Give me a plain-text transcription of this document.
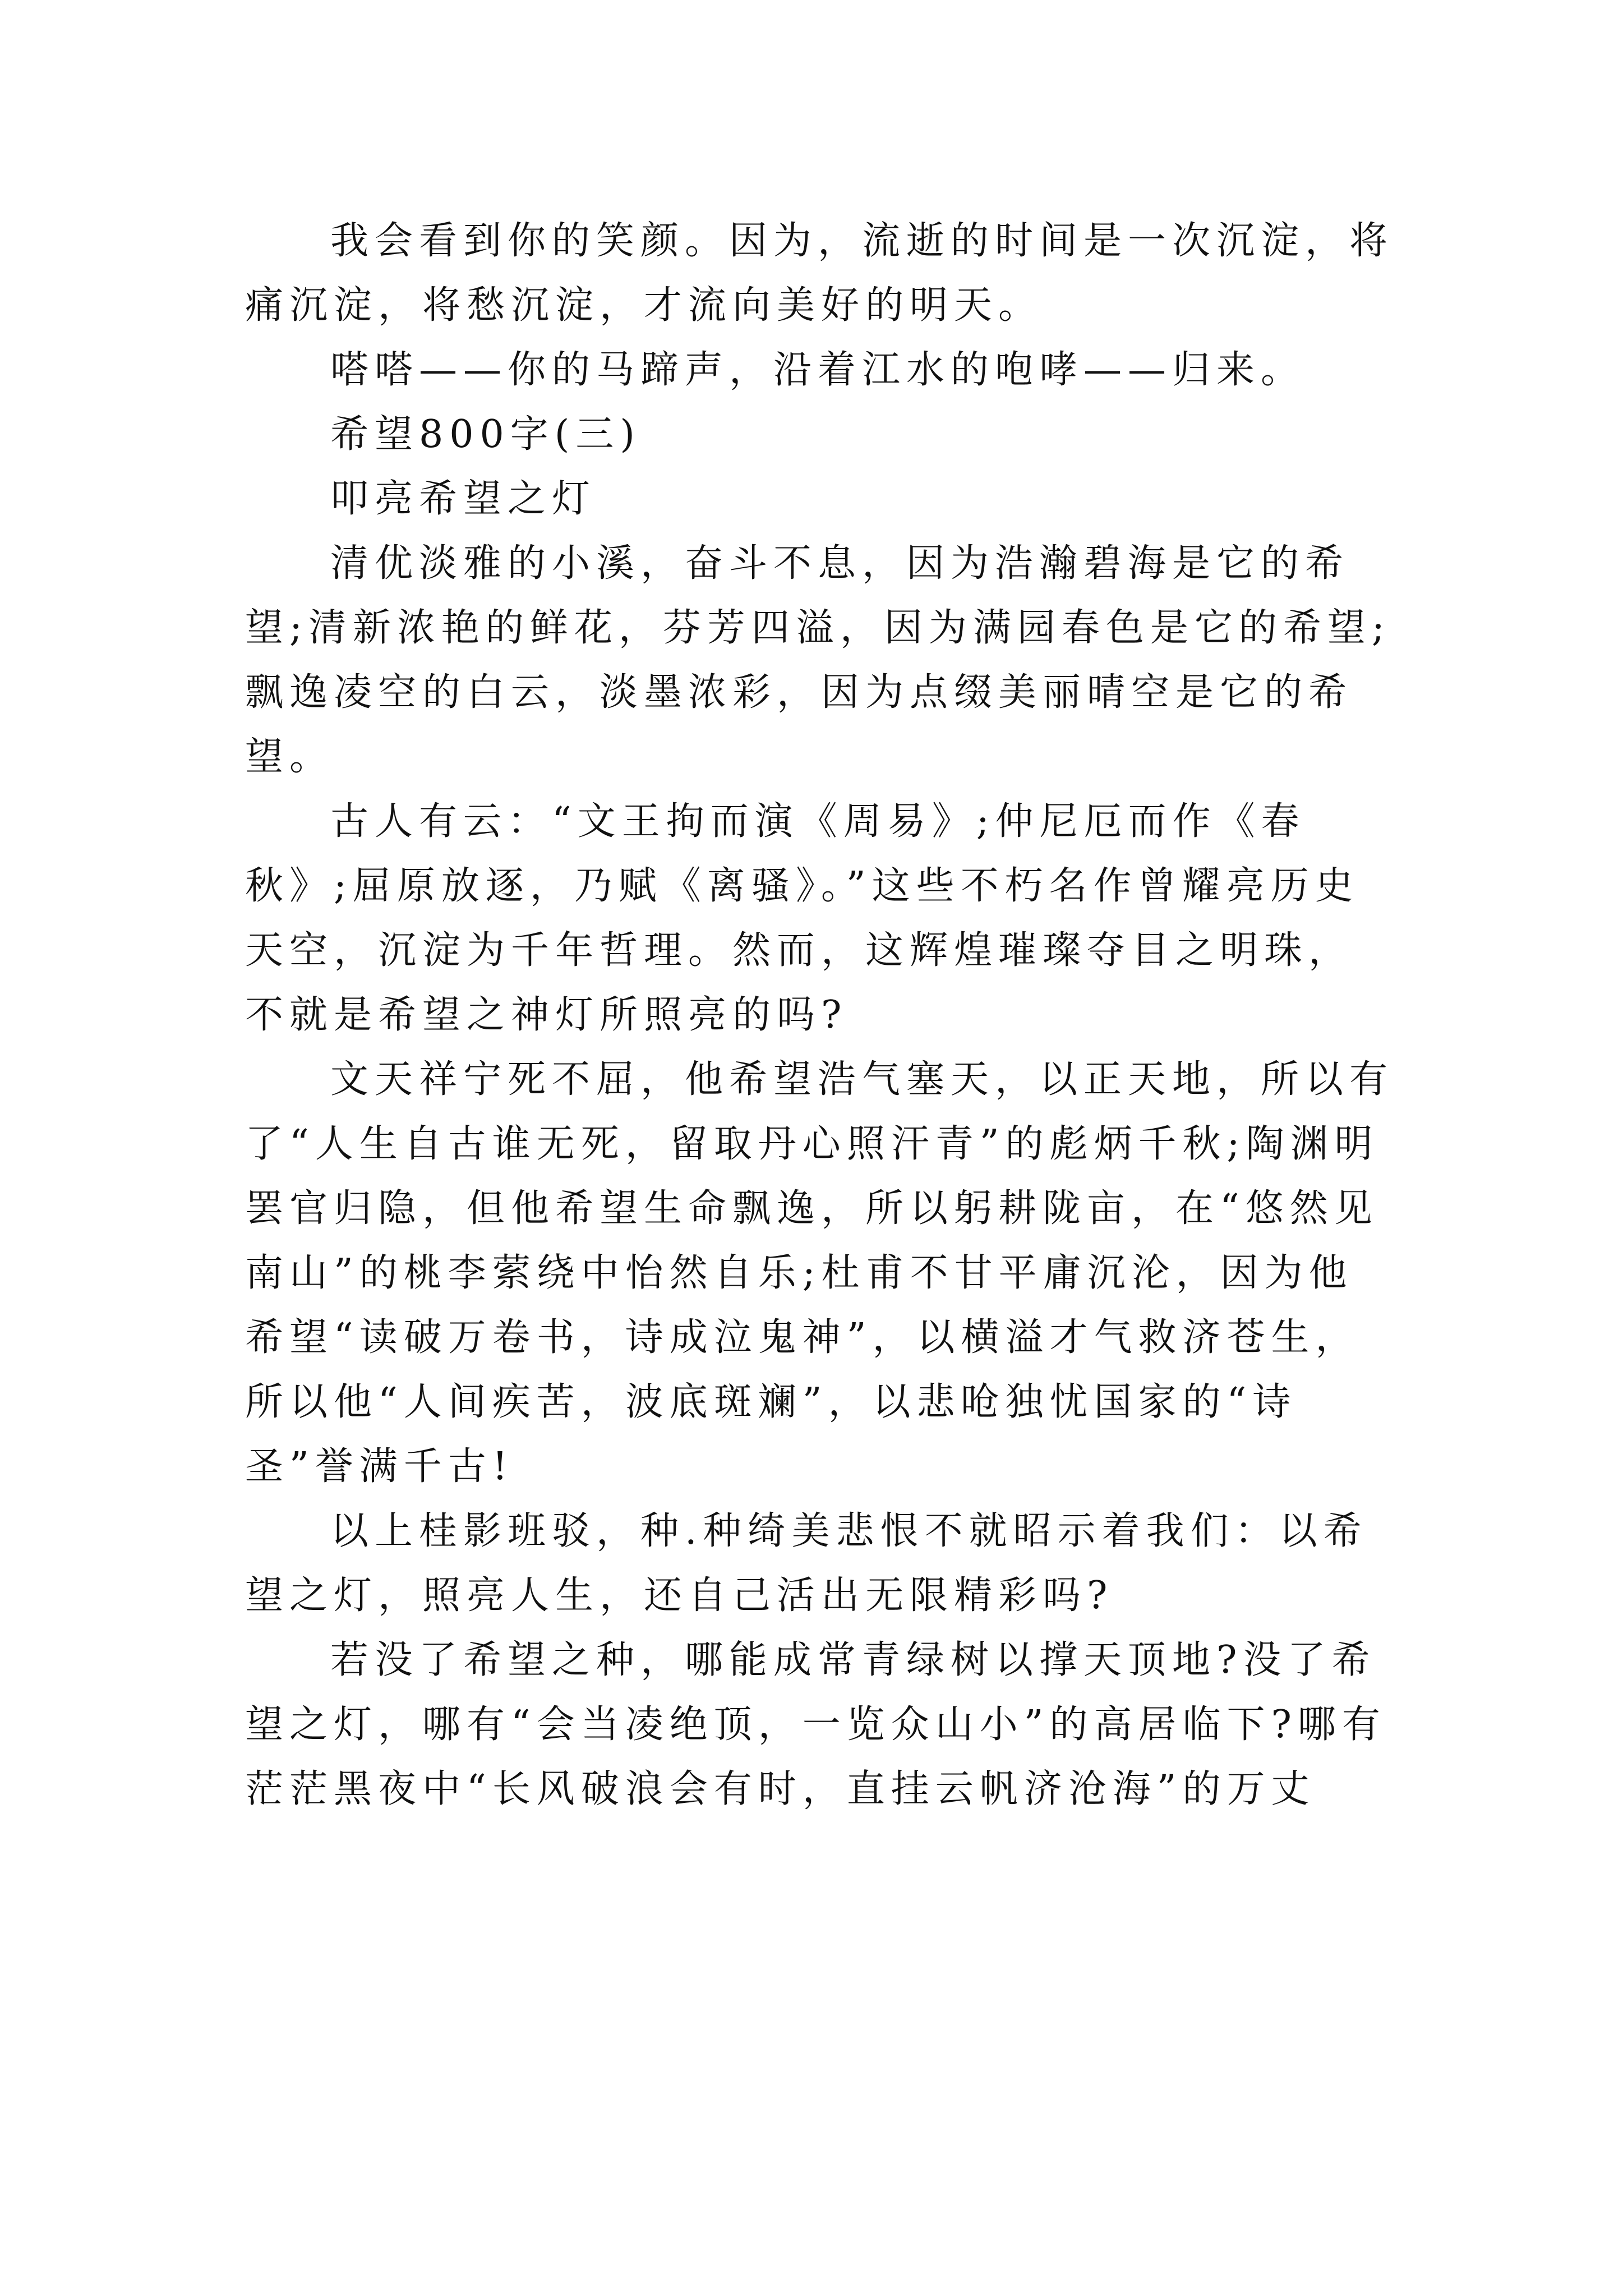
我会看到你的笑颜。因为，流逝的时间是一次沉淀，将痛沉淀，将愁沉淀，才流向美好的明天。

嗒嗒——你的马蹄声，沿着江水的咆哮——归来。

希望800字(三)

叩亮希望之灯

清优淡雅的小溪，奋斗不息，因为浩瀚碧海是它的希望;清新浓艳的鲜花，芬芳四溢，因为满园春色是它的希望;飘逸凌空的白云，淡墨浓彩，因为点缀美丽晴空是它的希望。

古人有云：“文王拘而演《周易》;仲尼厄而作《春秋》;屈原放逐，乃赋《离骚》。”这些不朽名作曾耀亮历史天空，沉淀为千年哲理。然而，这辉煌璀璨夺目之明珠，不就是希望之神灯所照亮的吗?

文天祥宁死不屈，他希望浩气塞天，以正天地，所以有了“人生自古谁无死，留取丹心照汗青”的彪炳千秋;陶渊明罢官归隐，但他希望生命飘逸，所以躬耕陇亩，在“悠然见南山”的桃李萦绕中怡然自乐;杜甫不甘平庸沉沦，因为他希望“读破万卷书，诗成泣鬼神”，以横溢才气救济苍生，所以他“人间疾苦，波底斑斓”，以悲呛独忧国家的“诗圣”誉满千古!

以上桂影班驳，种.种绮美悲恨不就昭示着我们：以希望之灯，照亮人生，还自己活出无限精彩吗?

若没了希望之种，哪能成常青绿树以撑天顶地?没了希望之灯，哪有“会当凌绝顶，一览众山小”的高居临下?哪有茫茫黑夜中“长风破浪会有时，直挂云帆济沧海”的万丈
